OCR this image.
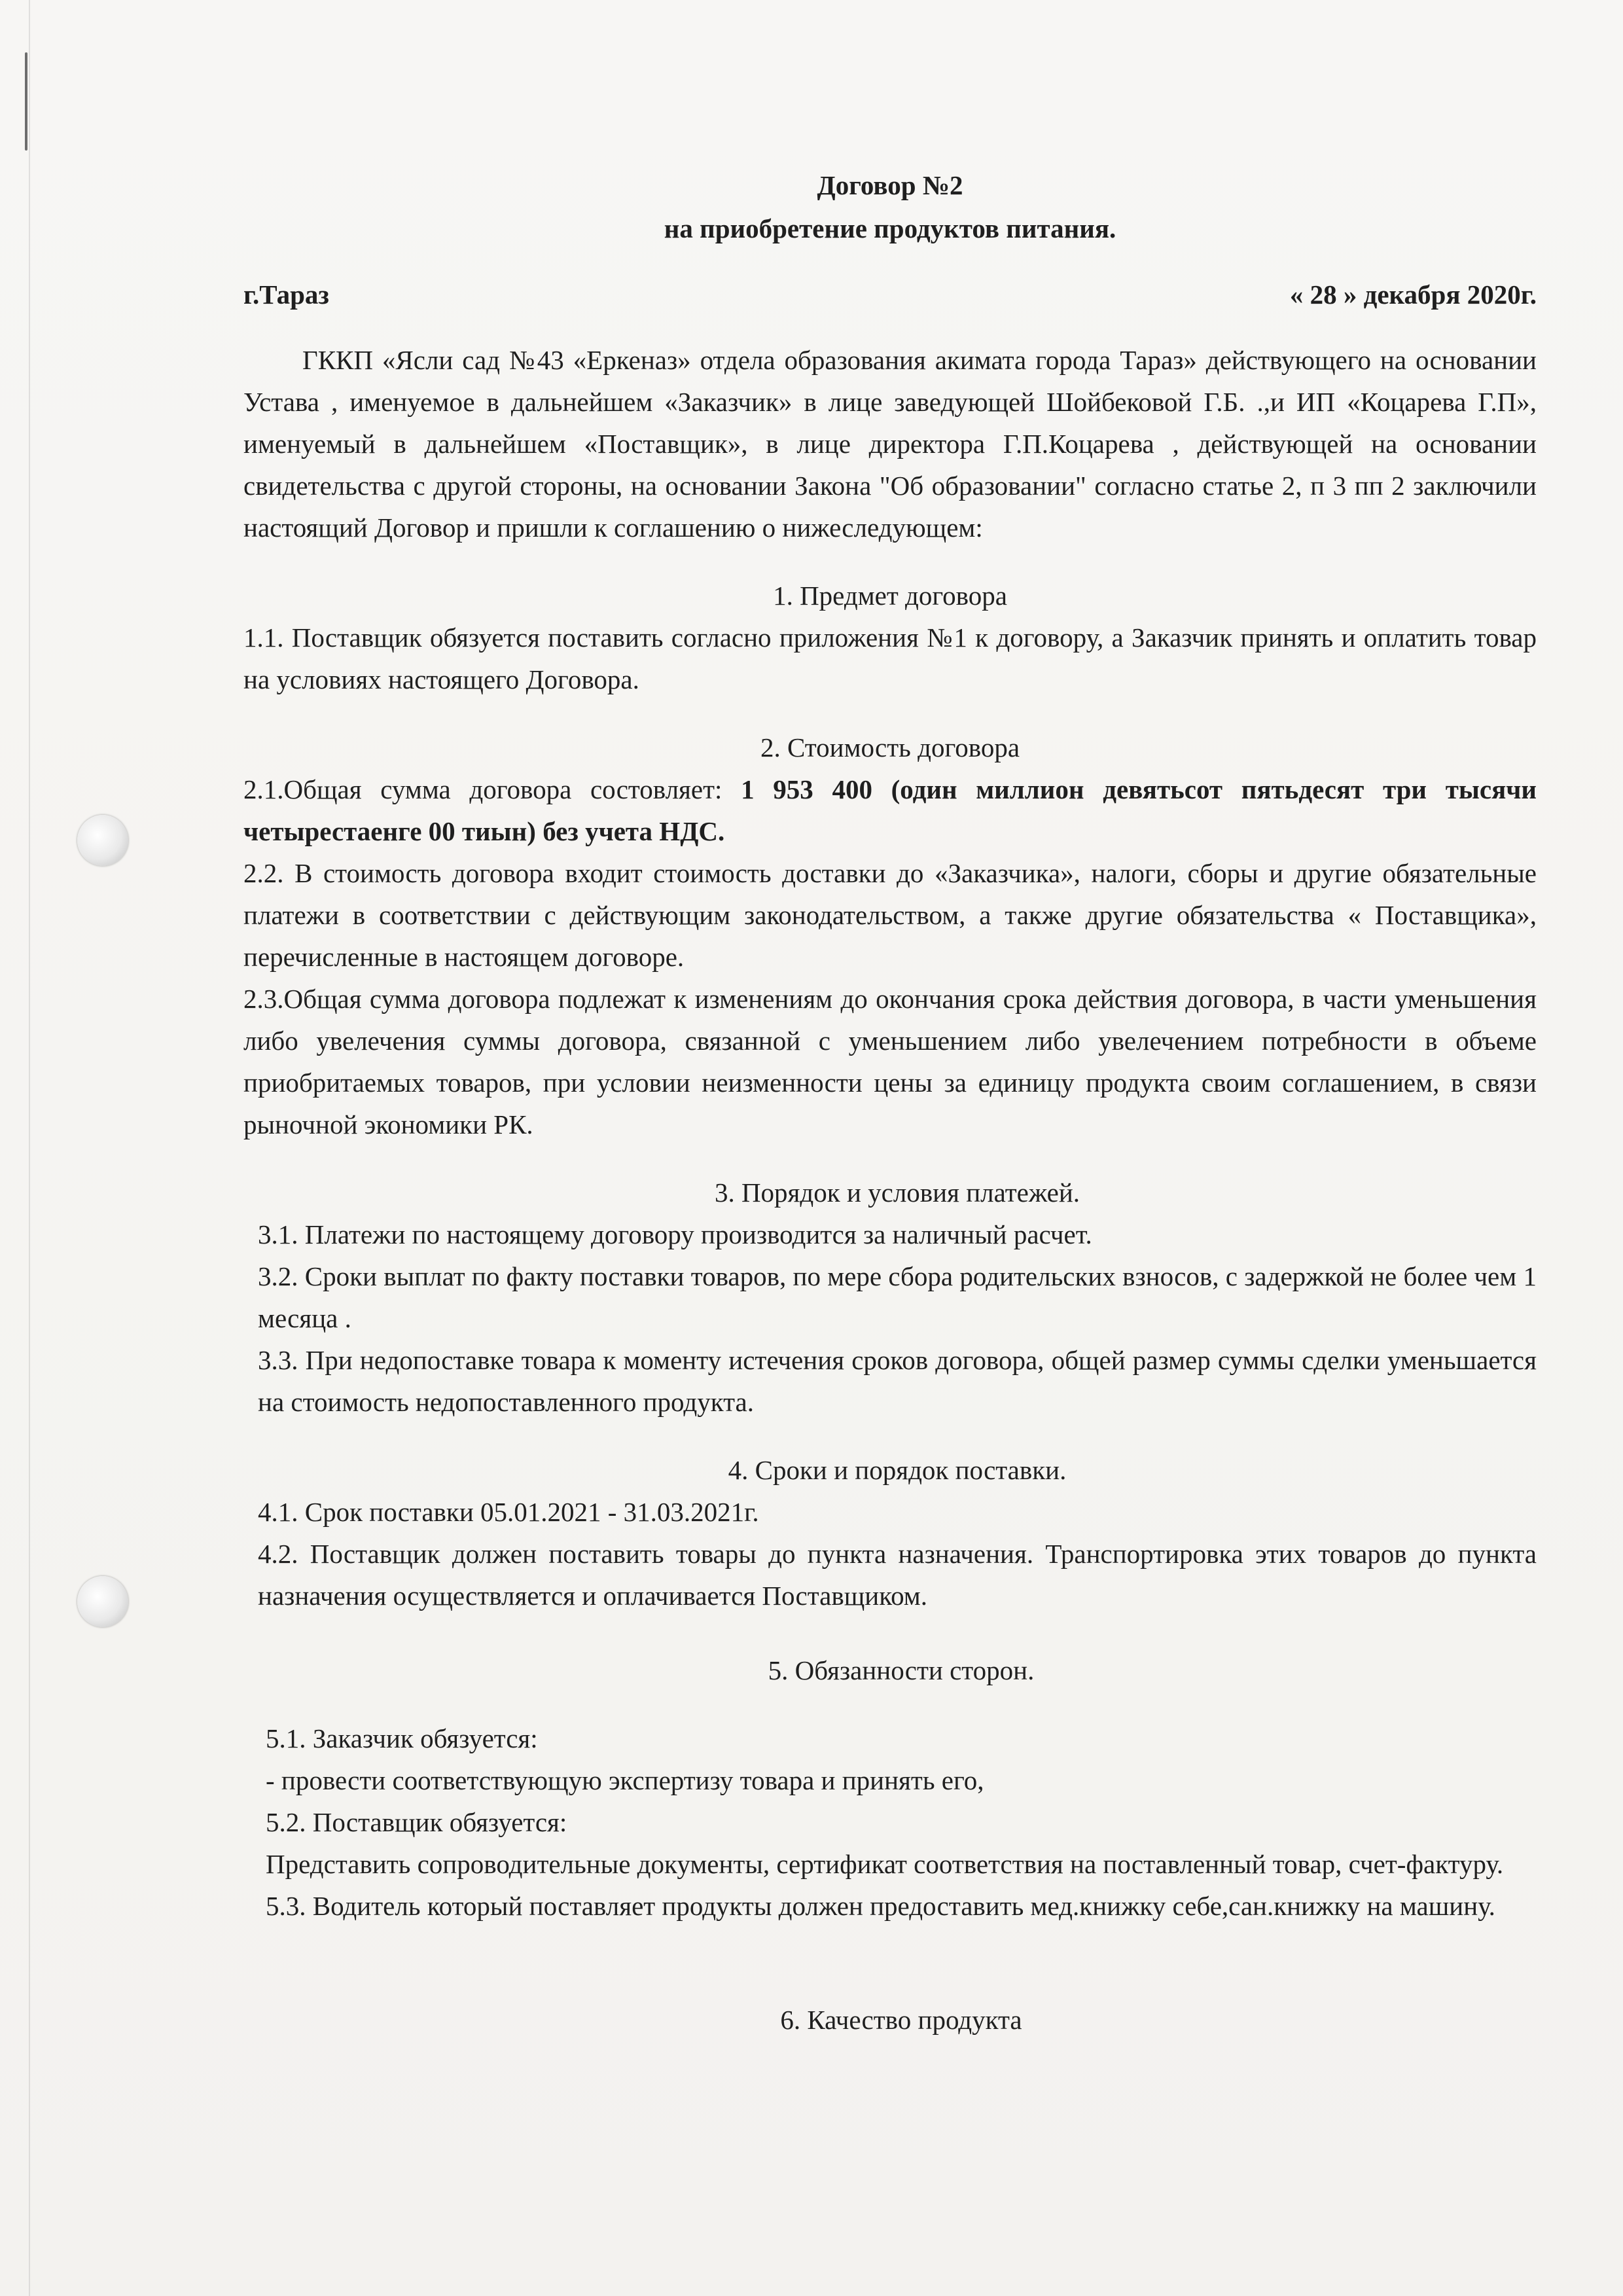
Договор №2

на приобретение продуктов питания.

г.Тараз	« 28 » декабря 2020г.

ГККП «Ясли сад №43 «Еркеназ» отдела образования акимата города Тараз» действующего на основании Устава , именуемое в дальнейшем «Заказчик» в лице заведующей Шойбековой Г.Б. .,и ИП «Коцарева Г.П», именуемый в дальнейшем «Поставщик», в лице директора Г.П.Коцарева , действующей на основании свидетельства с другой стороны, на основании Закона "Об образовании" согласно статье 2, п 3 пп 2 заключили настоящий Договор и пришли к соглашению о нижеследующем:

1. Предмет договора

1.1. Поставщик обязуется поставить согласно приложения №1 к договору, а Заказчик принять и оплатить товар на условиях настоящего Договора.

2. Стоимость договора

2.1.Общая сумма договора состовляет: 1 953 400 (один миллион девятьсот пятьдесят три тысячи четырестаенге 00 тиын) без учета НДС.

2.2. В стоимость договора входит стоимость доставки до «Заказчика», налоги, сборы и другие обязательные платежи в соответствии с действующим законодательством, а также другие обязательства « Поставщика», перечисленные в настоящем договоре.

2.3.Общая сумма договора подлежат к изменениям до окончания срока действия договора, в части уменьшения либо увелечения суммы договора, связанной с уменьшением либо увелечением потребности в объеме приобритаемых товаров, при условии неизменности цены за единицу продукта своим соглашением, в связи рыночной экономики РК.

3. Порядок и условия платежей.

3.1. Платежи по настоящему договору производится за наличный расчет.

3.2. Сроки выплат по факту поставки товаров, по мере сбора родительских взносов, с задержкой не более чем 1 месяца .

3.3. При недопоставке товара к моменту истечения сроков договора, общей размер суммы сделки уменьшается на стоимость недопоставленного продукта.

4. Сроки и порядок поставки.

4.1. Срок поставки 05.01.2021 - 31.03.2021г.

4.2. Поставщик должен поставить товары до пункта назначения. Транспортировка этих товаров до пункта назначения осуществляется и оплачивается Поставщиком.

5. Обязанности сторон.

5.1. Заказчик обязуется:

- провести соответствующую экспертизу товара и принять его,

5.2. Поставщик обязуется:

Представить сопроводительные документы, сертификат соответствия на поставленный товар, счет-фактуру.

5.3. Водитель который поставляет продукты должен предоставить мед.книжку себе,сан.книжку на машину.

6. Качество продукта
